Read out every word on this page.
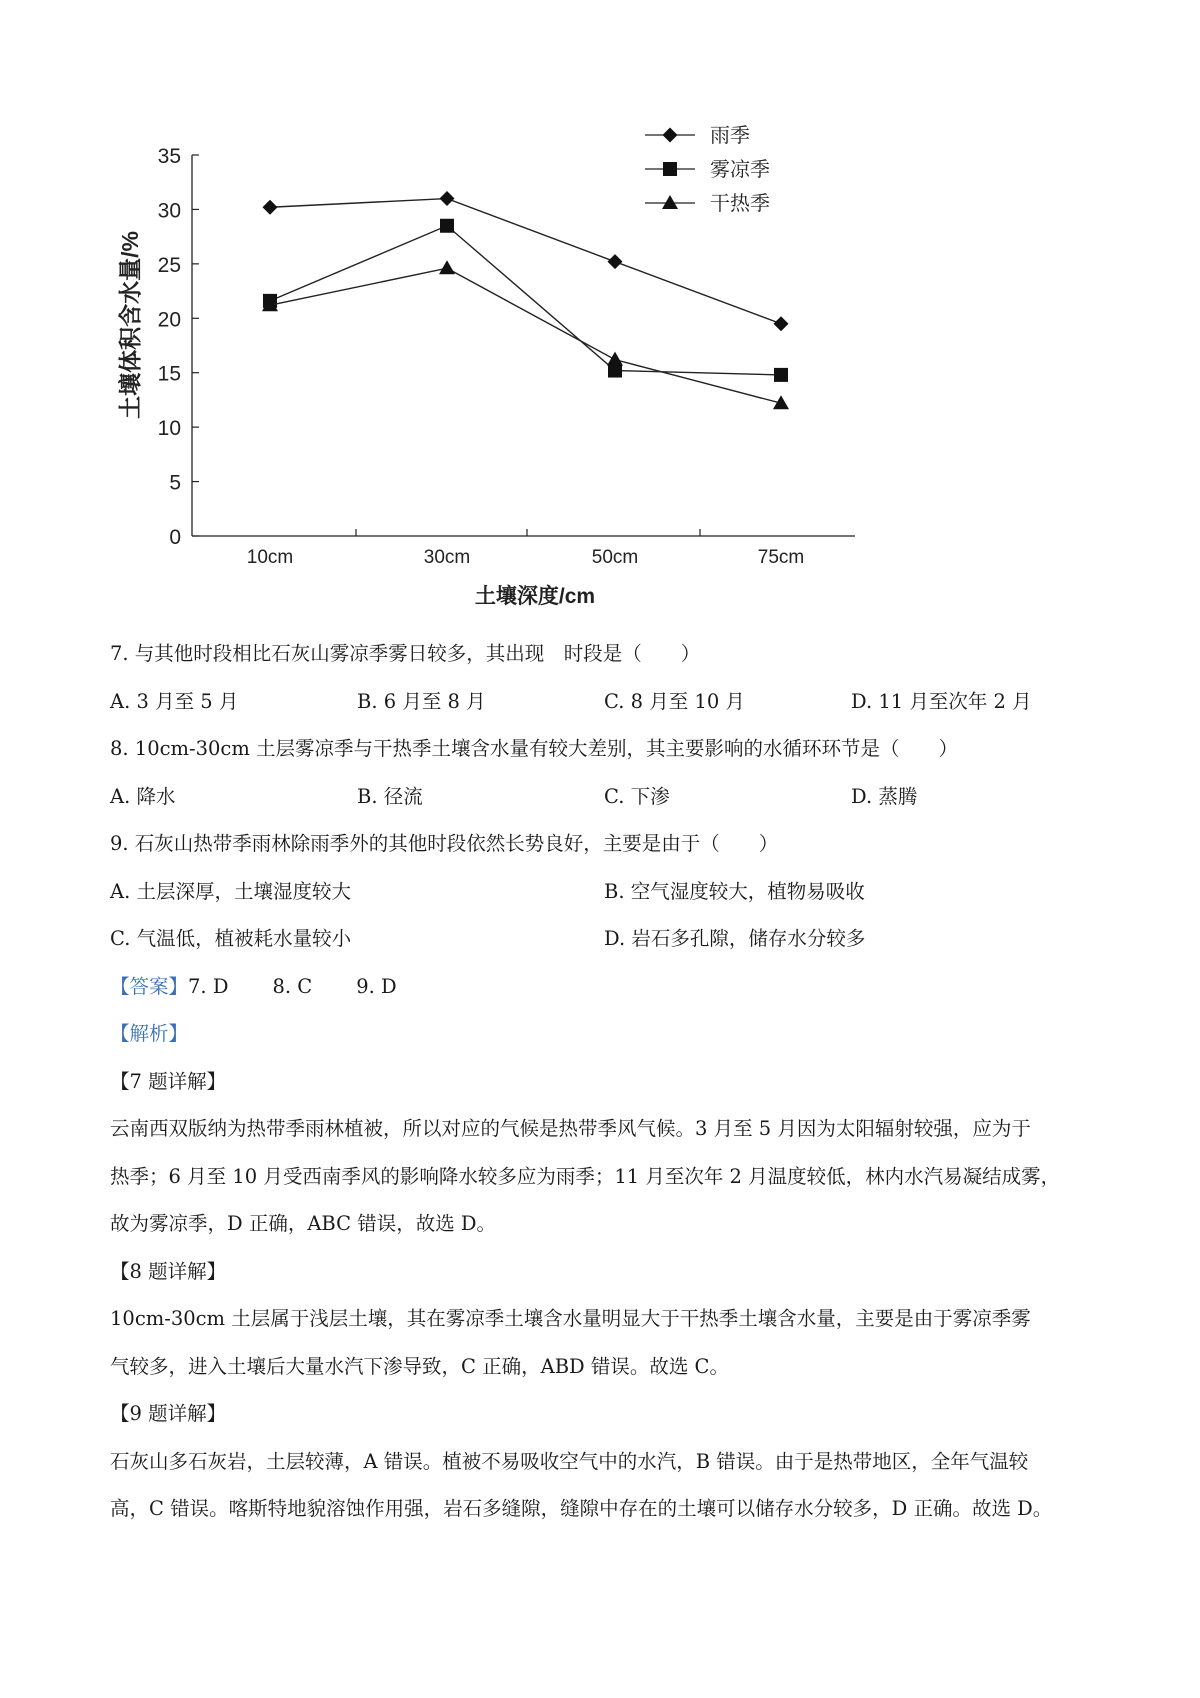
0
5
10
15
20
25
30
35
10cm	30cm	50cm	75cm
雨季
雾凉季
干热季
土壤体积含水量/%
土壤深度/cm
7. 与其他时段相比石灰山雾凉季雾日较多，其出现　时段是（　　）
A. 3 月至 5 月	B. 6 月至 8 月	C. 8 月至 10 月	D. 11 月至次年 2 月
8. 10cm-30cm 土层雾凉季与干热季土壤含水量有较大差别，其主要影响的水循环环节是（　　）
A. 降水	B. 径流	C. 下渗	D. 蒸腾
9. 石灰山热带季雨林除雨季外的其他时段依然长势良好，主要是由于（　　）
A. 土层深厚，土壤湿度较大	B. 空气湿度较大，植物易吸收
C. 气温低，植被耗水量较小	D. 岩石多孔隙，储存水分较多
【答案】7. D 8. C 9. D
【解析】
【7 题详解】
云南西双版纳为热带季雨林植被，所以对应的气候是热带季风气候。3 月至 5 月因为太阳辐射较强，应为于
热季；6 月至 10 月受西南季风的影响降水较多应为雨季；11 月至次年 2 月温度较低，林内水汽易凝结成雾，
故为雾凉季，D 正确，ABC 错误，故选 D。
【8 题详解】
10cm-30cm 土层属于浅层土壤，其在雾凉季土壤含水量明显大于干热季土壤含水量，主要是由于雾凉季雾
气较多，进入土壤后大量水汽下渗导致，C 正确，ABD 错误。故选 C。
【9 题详解】
石灰山多石灰岩，土层较薄，A 错误。植被不易吸收空气中的水汽，B 错误。由于是热带地区，全年气温较
高，C 错误。喀斯特地貌溶蚀作用强，岩石多缝隙，缝隙中存在的土壤可以储存水分较多，D 正确。故选 D。
